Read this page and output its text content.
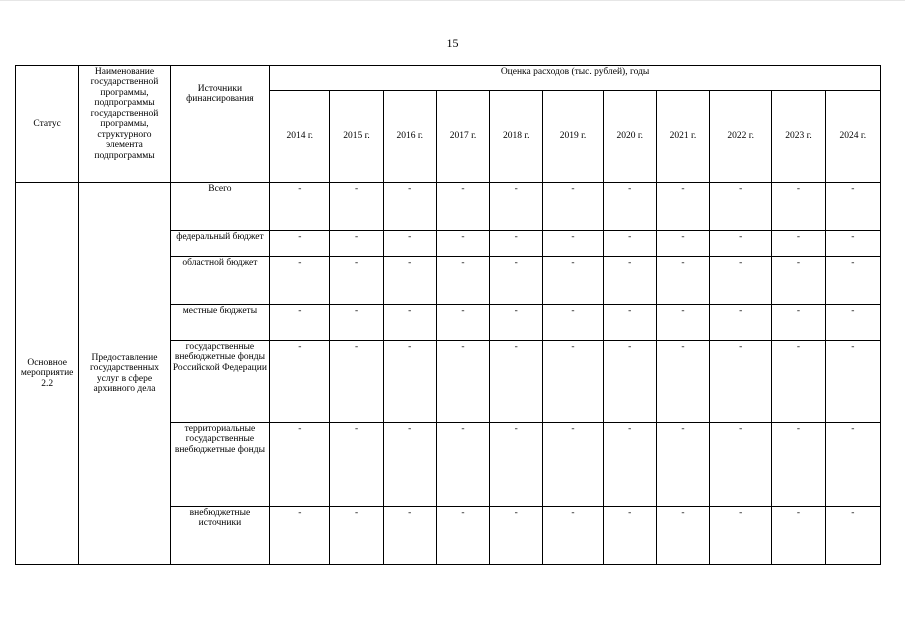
15
Статус	Наименование государственной программы, подпрограммы государственной программы, структурного элемента подпрограммы	Источники финансирования	Оценка расходов (тыс. рублей), годы										
			2014 г.	2015 г.	2016 г.	2017 г.	2018 г.	2019 г.	2020 г.	2021 г.	2022 г.	2023 г.	2024 г.
Основное мероприятие 2.2	Предоставление государственных услуг в сфере архивного дела	Всего	-	-	-	-	-	-	-	-	-	-	-
		федеральный бюджет	-	-	-	-	-	-	-	-	-	-	-
		областной бюджет	-	-	-	-	-	-	-	-	-	-	-
		местные бюджеты	-	-	-	-	-	-	-	-	-	-	-
		государственные внебюджетные фонды Российской Федерации	-	-	-	-	-	-	-	-	-	-	-
		территориальные государственные внебюджетные фонды	-	-	-	-	-	-	-	-	-	-	-
		внебюджетные источники	-	-	-	-	-	-	-	-	-	-	-
